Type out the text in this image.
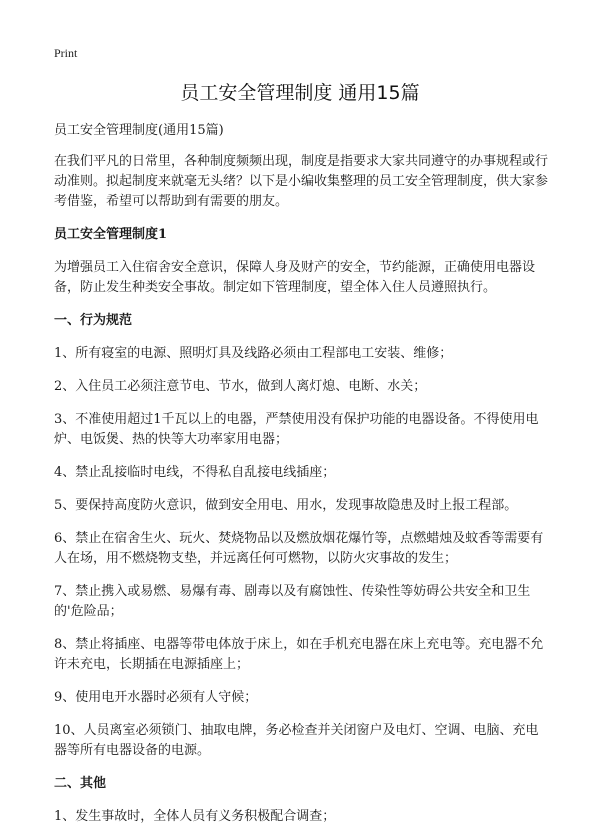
Print
员工安全管理制度 通用15篇

员工安全管理制度(通用15篇)

在我们平凡的日常里，各种制度频频出现，制度是指要求大家共同遵守的办事规程或行动准则。拟起制度来就毫无头绪？以下是小编收集整理的员工安全管理制度，供大家参考借鉴，希望可以帮助到有需要的朋友。

员工安全管理制度1

为增强员工入住宿舍安全意识，保障人身及财产的安全，节约能源，正确使用电器设备，防止发生种类安全事故。制定如下管理制度，望全体入住人员遵照执行。

一、行为规范

1、所有寝室的电源、照明灯具及线路必须由工程部电工安装、维修；

2、入住员工必须注意节电、节水，做到人离灯熄、电断、水关；

3、不准使用超过1千瓦以上的电器，严禁使用没有保护功能的电器设备。不得使用电炉、电饭煲、热的快等大功率家用电器；

4、禁止乱接临时电线，不得私自乱接电线插座；

5、要保持高度防火意识，做到安全用电、用水，发现事故隐患及时上报工程部。

6、禁止在宿舍生火、玩火、焚烧物品以及燃放烟花爆竹等，点燃蜡烛及蚊香等需要有人在场，用不燃烧物支垫，并远离任何可燃物，以防火灾事故的发生；

7、禁止携入或易燃、易爆有毒、剧毒以及有腐蚀性、传染性等妨碍公共安全和卫生的'危险品；

8、禁止将插座、电器等带电体放于床上，如在手机充电器在床上充电等。充电器不允许未充电，长期插在电源插座上；

9、使用电开水器时必须有人守候；

10、人员离室必须锁门、抽取电牌，务必检查并关闭窗户及电灯、空调、电脑、充电器等所有电器设备的电源。

二、其他

1、发生事故时，全体人员有义务积极配合调查；
